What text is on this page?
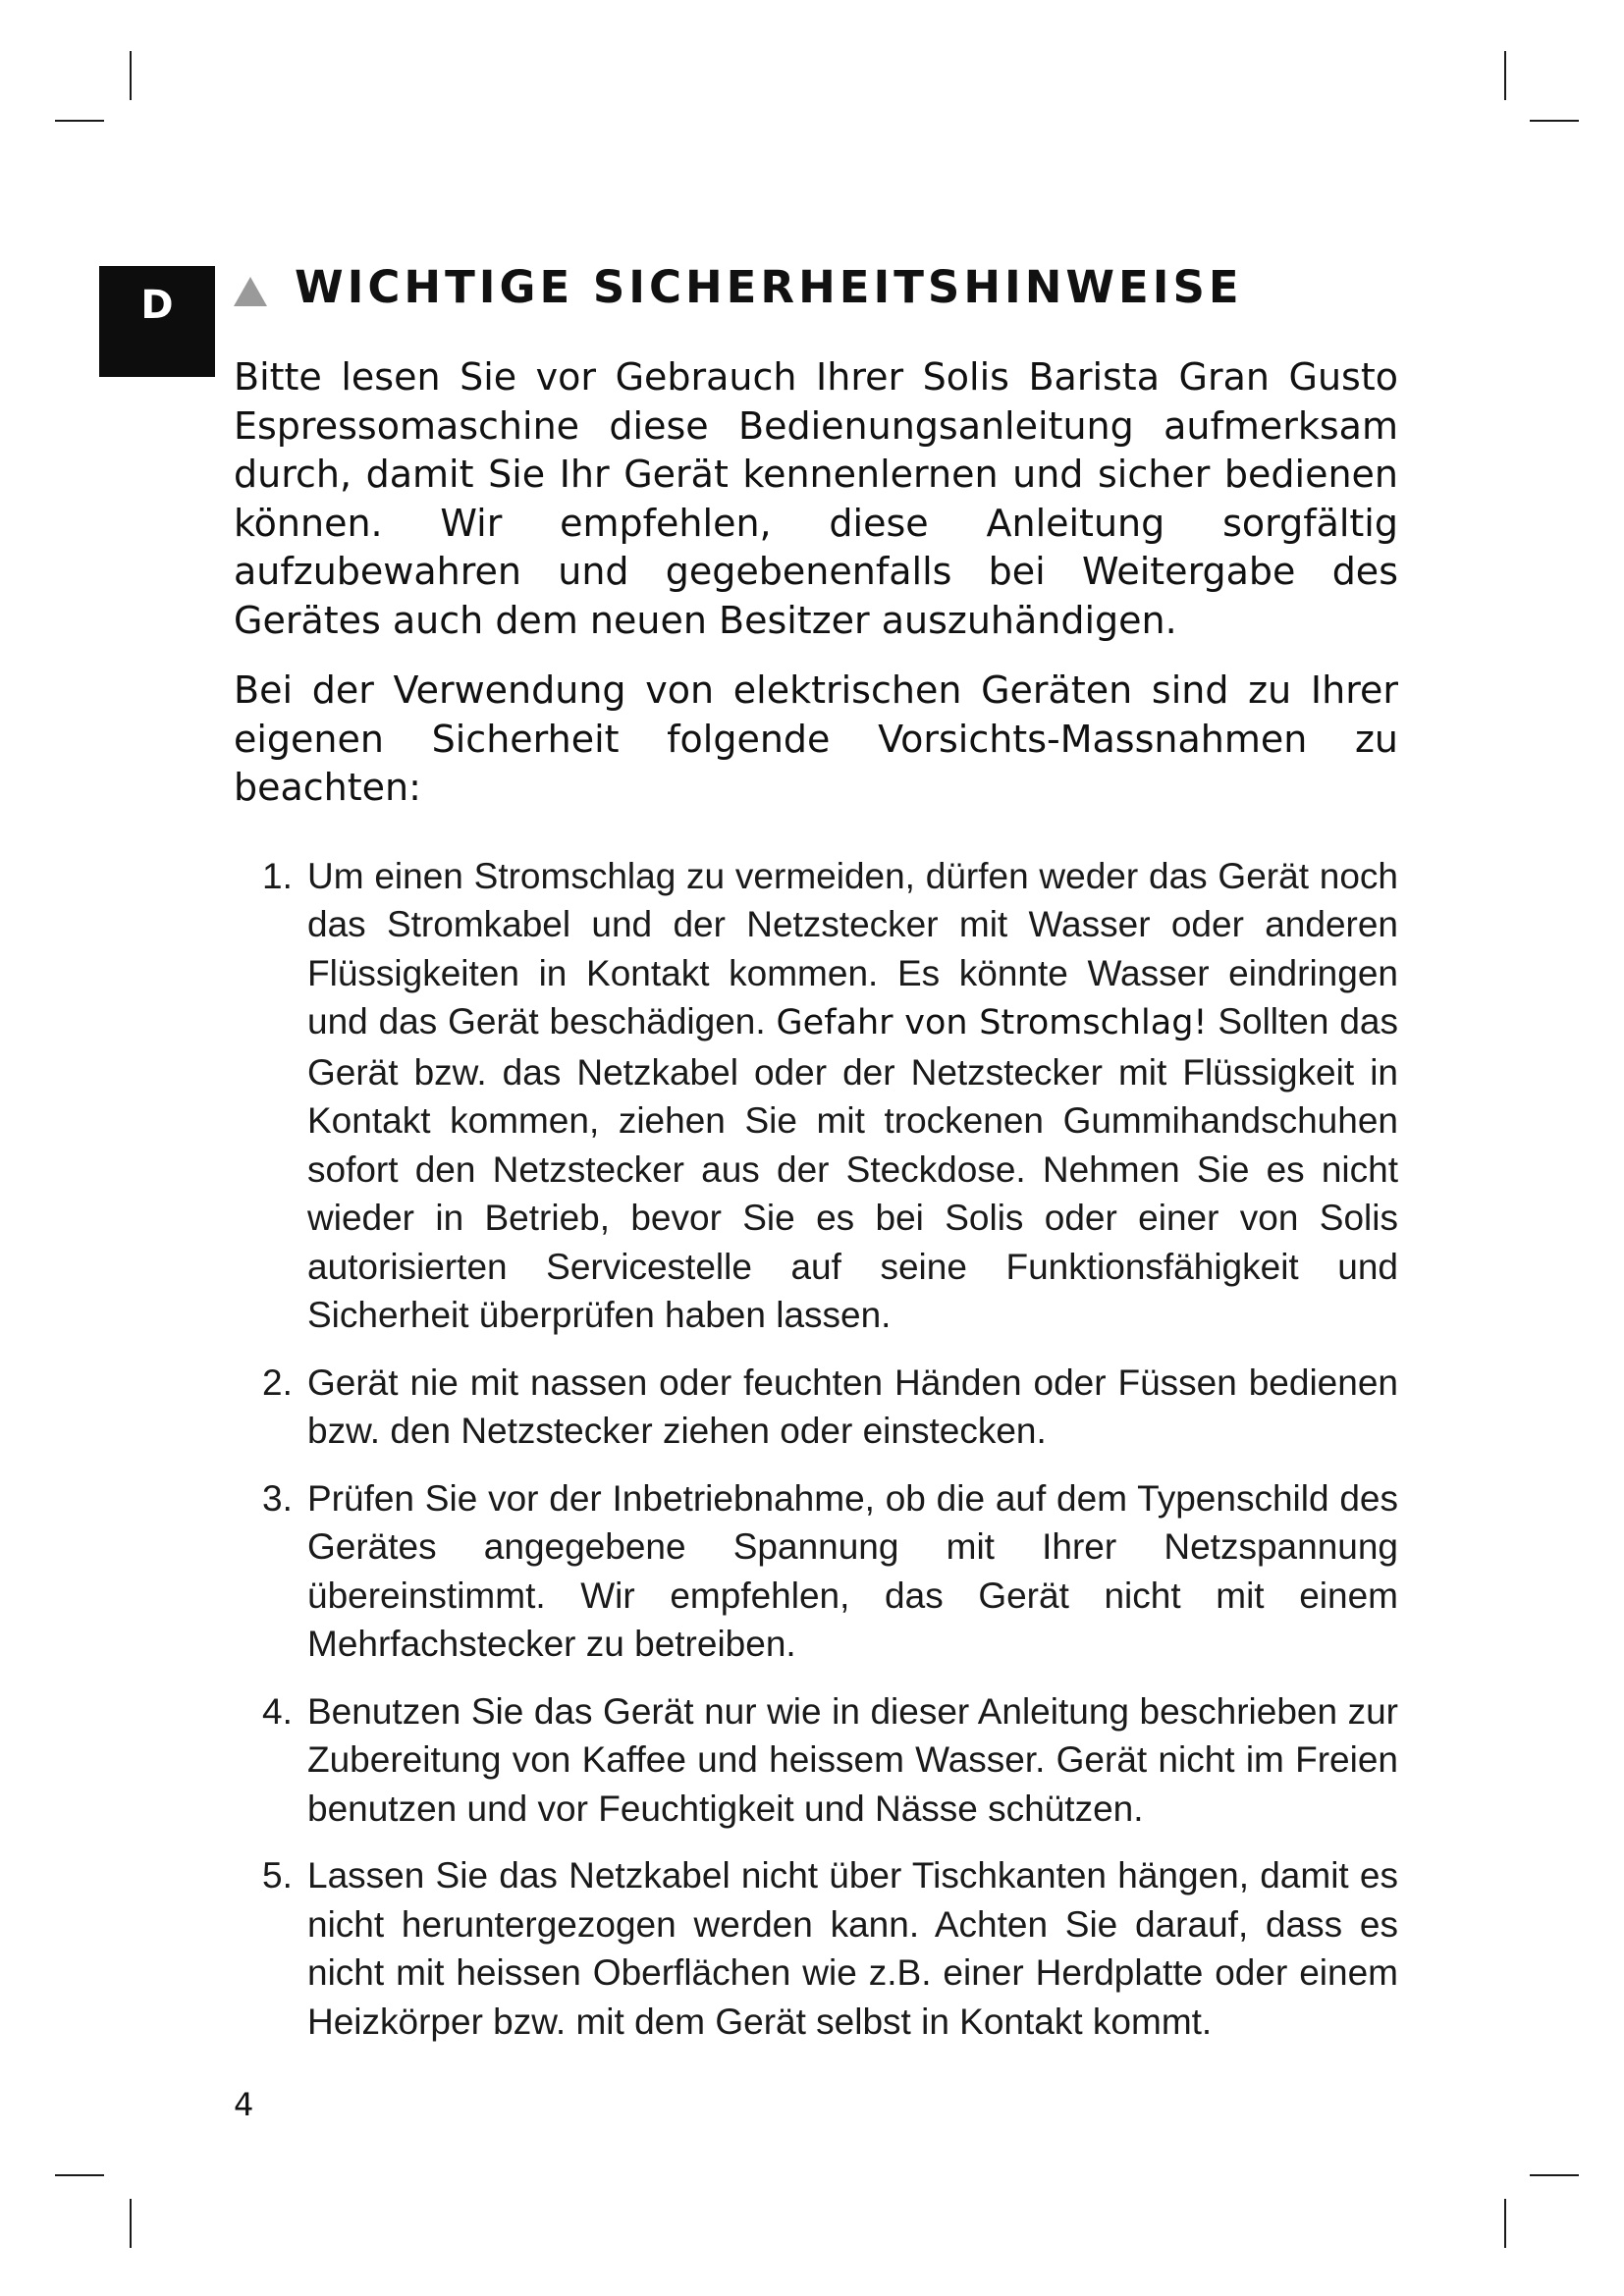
D	WICHTIGE SICHERHEITSHINWEISE

Bitte lesen Sie vor Gebrauch Ihrer Solis Barista Gran Gusto Espressomaschine diese Bedienungsanleitung aufmerksam durch, damit Sie Ihr Gerät kennenlernen und sicher bedienen können. Wir empfehlen, diese Anleitung sorgfältig aufzubewahren und gegebenenfalls bei Weitergabe des Gerätes auch dem neuen Besitzer auszuhändigen.

Bei der Verwendung von elektrischen Geräten sind zu Ihrer eigenen Sicherheit folgende Vorsichts-Massnahmen zu beachten:

1. Um einen Stromschlag zu vermeiden, dürfen weder das Gerät noch das Stromkabel und der Netzstecker mit Wasser oder anderen Flüssigkeiten in Kontakt kommen. Es könnte Wasser eindringen und das Gerät beschädigen. Gefahr von Stromschlag! Sollten das Gerät bzw. das Netzkabel oder der Netzstecker mit Flüssigkeit in Kontakt kommen, ziehen Sie mit trockenen Gummihandschuhen sofort den Netzstecker aus der Steckdose. Nehmen Sie es nicht wieder in Betrieb, bevor Sie es bei Solis oder einer von Solis autorisierten Servicestelle auf seine Funktionsfähigkeit und Sicherheit überprüfen haben lassen.

2. Gerät nie mit nassen oder feuchten Händen oder Füssen bedienen bzw. den Netzstecker ziehen oder einstecken.

3. Prüfen Sie vor der Inbetriebnahme, ob die auf dem Typenschild des Gerätes angegebene Spannung mit Ihrer Netzspannung übereinstimmt. Wir empfehlen, das Gerät nicht mit einem Mehrfachstecker zu betreiben.

4. Benutzen Sie das Gerät nur wie in dieser Anleitung beschrieben zur Zubereitung von Kaffee und heissem Wasser. Gerät nicht im Freien benutzen und vor Feuchtigkeit und Nässe schützen.

5. Lassen Sie das Netzkabel nicht über Tischkanten hängen, damit es nicht heruntergezogen werden kann. Achten Sie darauf, dass es nicht mit heissen Oberflächen wie z.B. einer Herdplatte oder einem Heizkörper bzw. mit dem Gerät selbst in Kontakt kommt.

4
